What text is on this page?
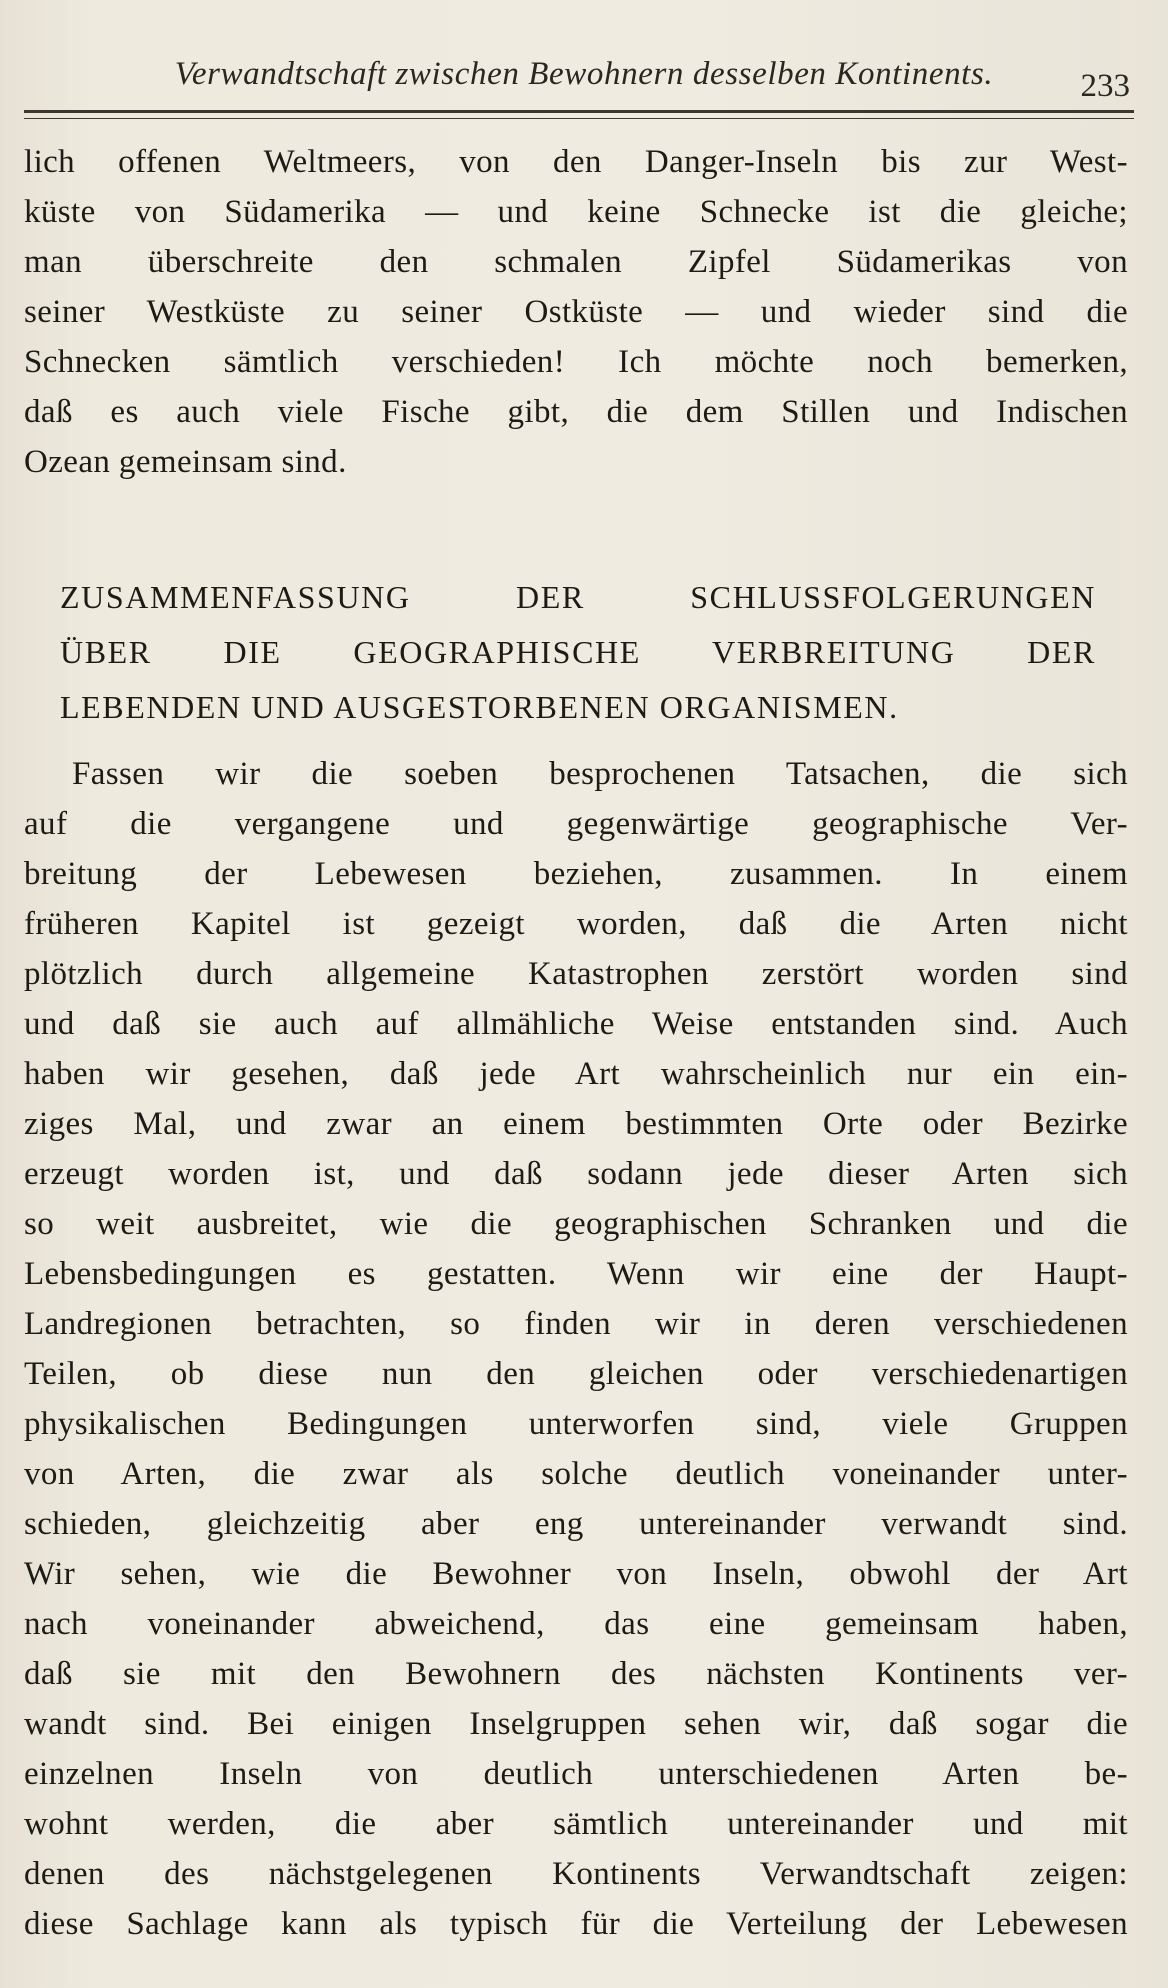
Verwandtschaft zwischen Bewohnern desselben Kontinents.	233
lich offenen Weltmeers, von den Danger-Inseln bis zur West-
küste von Südamerika — und keine Schnecke ist die gleiche;
man überschreite den schmalen Zipfel Südamerikas von
seiner Westküste zu seiner Ostküste — und wieder sind die
Schnecken sämtlich verschieden! Ich möchte noch bemerken,
daß es auch viele Fische gibt, die dem Stillen und Indischen
Ozean gemeinsam sind.
ZUSAMMENFASSUNG DER SCHLUSSFOLGERUNGEN
ÜBER DIE GEOGRAPHISCHE VERBREITUNG DER
LEBENDEN UND AUSGESTORBENEN ORGANISMEN.
Fassen wir die soeben besprochenen Tatsachen, die sich
auf die vergangene und gegenwärtige geographische Ver-
breitung der Lebewesen beziehen, zusammen. In einem
früheren Kapitel ist gezeigt worden, daß die Arten nicht
plötzlich durch allgemeine Katastrophen zerstört worden sind
und daß sie auch auf allmähliche Weise entstanden sind. Auch
haben wir gesehen, daß jede Art wahrscheinlich nur ein ein-
ziges Mal, und zwar an einem bestimmten Orte oder Bezirke
erzeugt worden ist, und daß sodann jede dieser Arten sich
so weit ausbreitet, wie die geographischen Schranken und die
Lebensbedingungen es gestatten. Wenn wir eine der Haupt-
Landregionen betrachten, so finden wir in deren verschiedenen
Teilen, ob diese nun den gleichen oder verschiedenartigen
physikalischen Bedingungen unterworfen sind, viele Gruppen
von Arten, die zwar als solche deutlich voneinander unter-
schieden, gleichzeitig aber eng untereinander verwandt sind.
Wir sehen, wie die Bewohner von Inseln, obwohl der Art
nach voneinander abweichend, das eine gemeinsam haben,
daß sie mit den Bewohnern des nächsten Kontinents ver-
wandt sind. Bei einigen Inselgruppen sehen wir, daß sogar die
einzelnen Inseln von deutlich unterschiedenen Arten be-
wohnt werden, die aber sämtlich untereinander und mit
denen des nächstgelegenen Kontinents Verwandtschaft zeigen:
diese Sachlage kann als typisch für die Verteilung der Lebewesen
